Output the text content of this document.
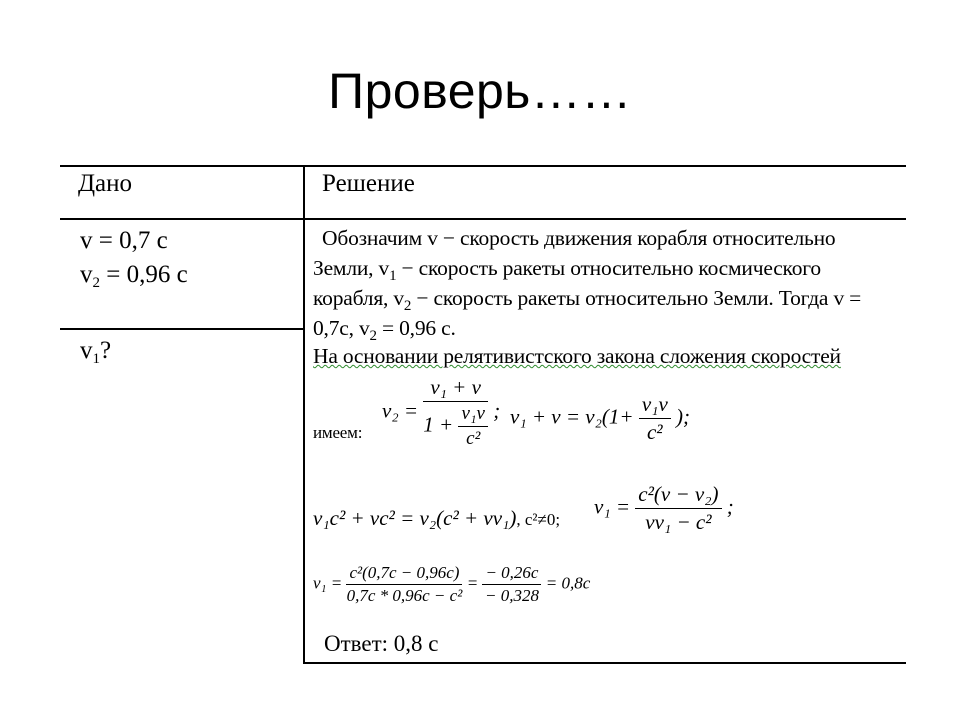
Проверь……
Дано	Решение
v = 0,7 c
$v_2 = 0,96$ c
$v_1$?
Обозначим v − скорость движения корабля относительно
Земли, $v_1$ − скорость ракеты относительно космического
корабля, $v_2$ − скорость ракеты относительно Земли. Тогда v =
0,7c, $v_2 = 0,96$ c.
На основании релятивистского закона сложения скоростей
имеем:
$v_2 = \frac{\text{v₁ + v}}{1 + \frac{\text{v₁v}}{\text{c²}}}$ ; $v_1 + v = v_2(1+ \frac{\text{v₁v}}{\text{c²}}$ );
v₁c² + vc² = v₂(c² + vv₁), c²≠0;
$v_1 = \frac{\text{c²(v − v₂)}}{\text{vv₁ − c²}}$ ;
$v_1 = \frac{\text{c²(0,7c − 0,96c)}}{\text{0,7c * 0,96c − c²}} = \frac{- 0,26c}{- 0,328} = 0,8c$
Ответ: 0,8 с
